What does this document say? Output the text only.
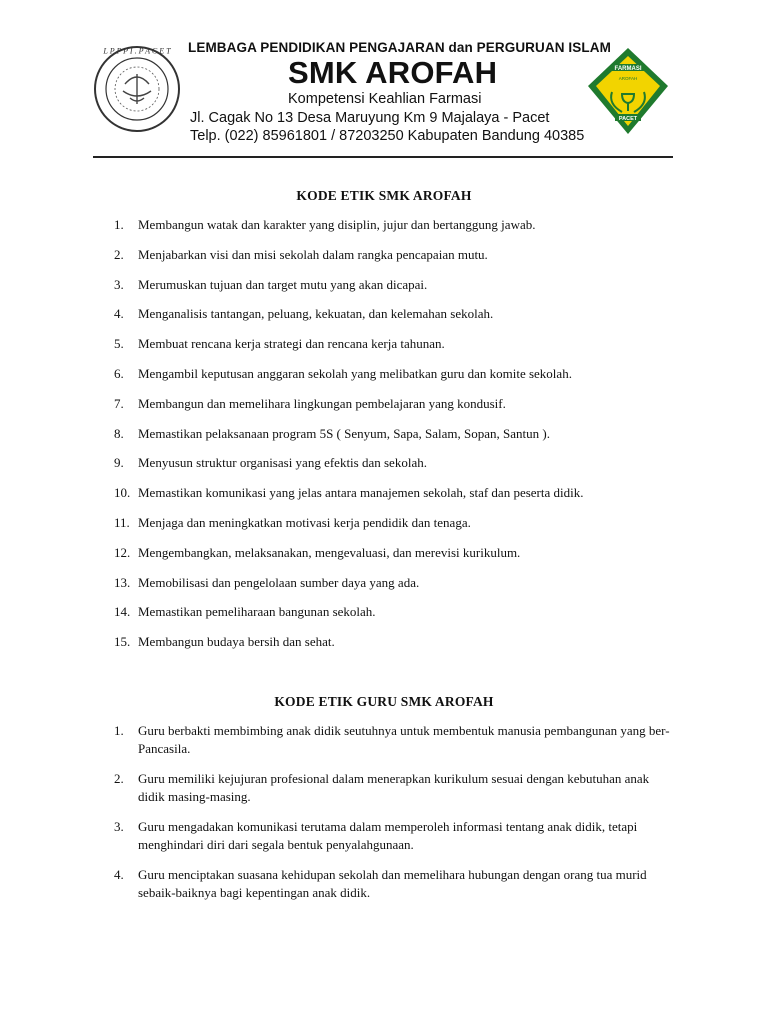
L P P P I . P A C E T LEMBAGA PENDIDIKAN PENGAJARAN dan PERGURUAN ISLAM
SMK AROFAH
Kompetensi Keahlian Farmasi
Jl. Cagak No 13 Desa Maruyung Km 9 Majalaya - Pacet
Telp. (022) 85961801 / 87203250 Kabupaten Bandung 40385
FARMASI
AROFAH
PACET
KODE ETIK SMK AROFAH
1. Membangun watak dan karakter yang disiplin, jujur dan bertanggung jawab.
2. Menjabarkan visi dan misi sekolah dalam rangka pencapaian mutu.
3. Merumuskan tujuan dan target mutu yang akan dicapai.
4. Menganalisis tantangan, peluang, kekuatan, dan kelemahan sekolah.
5. Membuat rencana kerja strategi dan rencana kerja tahunan.
6. Mengambil keputusan anggaran sekolah yang melibatkan guru dan komite sekolah.
7. Membangun dan memelihara lingkungan pembelajaran yang kondusif.
8. Memastikan pelaksanaan program 5S ( Senyum, Sapa, Salam, Sopan, Santun ).
9. Menyusun struktur organisasi yang efektis dan sekolah.
10. Memastikan komunikasi yang jelas antara manajemen sekolah, staf dan peserta didik.
11. Menjaga dan meningkatkan motivasi kerja pendidik dan tenaga.
12. Mengembangkan, melaksanakan, mengevaluasi, dan merevisi kurikulum.
13. Memobilisasi dan pengelolaan sumber daya yang ada.
14. Memastikan pemeliharaan bangunan sekolah.
15. Membangun budaya bersih dan sehat.
KODE ETIK GURU SMK AROFAH
1. Guru berbakti membimbing anak didik seutuhnya untuk membentuk manusia pembangunan yang ber-Pancasila.
2. Guru memiliki kejujuran profesional dalam menerapkan kurikulum sesuai dengan kebutuhan anak didik masing-masing.
3. Guru mengadakan komunikasi terutama dalam memperoleh informasi tentang anak didik, tetapi menghindari diri dari segala bentuk penyalahgunaan.
4. Guru menciptakan suasana kehidupan sekolah dan memelihara hubungan dengan orang tua murid sebaik-baiknya bagi kepentingan anak didik.
